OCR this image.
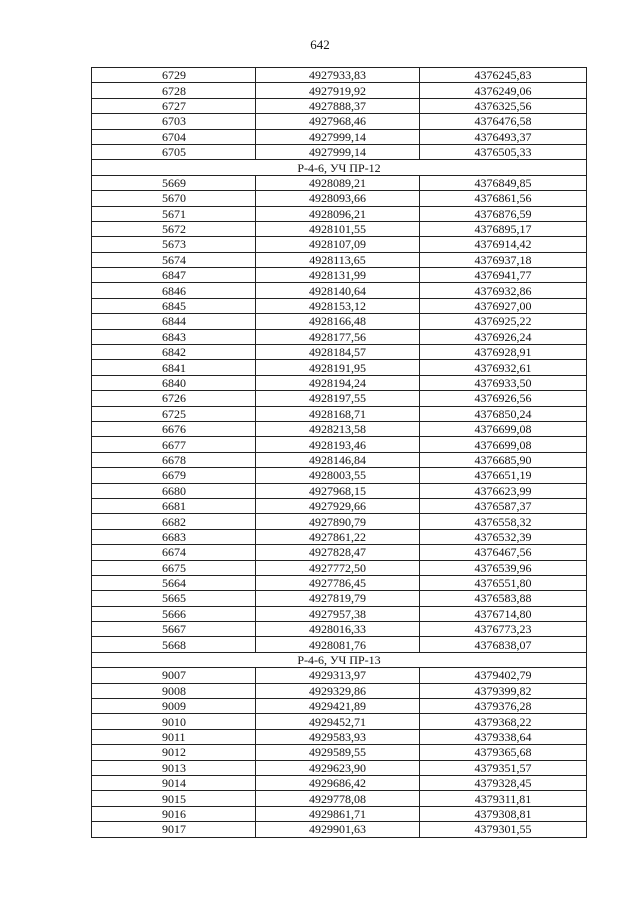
642
6729	4927933,83	4376245,83
6728	4927919,92	4376249,06
6727	4927888,37	4376325,56
6703	4927968,46	4376476,58
6704	4927999,14	4376493,37
6705	4927999,14	4376505,33
Р-4-6, УЧ ПР-12		
5669	4928089,21	4376849,85
5670	4928093,66	4376861,56
5671	4928096,21	4376876,59
5672	4928101,55	4376895,17
5673	4928107,09	4376914,42
5674	4928113,65	4376937,18
6847	4928131,99	4376941,77
6846	4928140,64	4376932,86
6845	4928153,12	4376927,00
6844	4928166,48	4376925,22
6843	4928177,56	4376926,24
6842	4928184,57	4376928,91
6841	4928191,95	4376932,61
6840	4928194,24	4376933,50
6726	4928197,55	4376926,56
6725	4928168,71	4376850,24
6676	4928213,58	4376699,08
6677	4928193,46	4376699,08
6678	4928146,84	4376685,90
6679	4928003,55	4376651,19
6680	4927968,15	4376623,99
6681	4927929,66	4376587,37
6682	4927890,79	4376558,32
6683	4927861,22	4376532,39
6674	4927828,47	4376467,56
6675	4927772,50	4376539,96
5664	4927786,45	4376551,80
5665	4927819,79	4376583,88
5666	4927957,38	4376714,80
5667	4928016,33	4376773,23
5668	4928081,76	4376838,07
Р-4-6, УЧ ПР-13		
9007	4929313,97	4379402,79
9008	4929329,86	4379399,82
9009	4929421,89	4379376,28
9010	4929452,71	4379368,22
9011	4929583,93	4379338,64
9012	4929589,55	4379365,68
9013	4929623,90	4379351,57
9014	4929686,42	4379328,45
9015	4929778,08	4379311,81
9016	4929861,71	4379308,81
9017	4929901,63	4379301,55
